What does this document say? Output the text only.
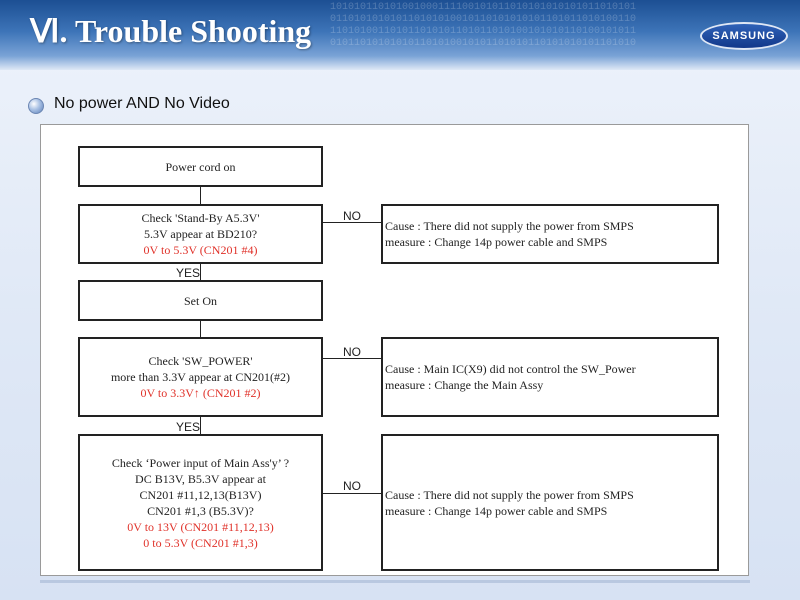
101010110101001000111100101011010101010101011010101
011010101010110101010010110101010101101011010100110
110101001101011010101101011010100101010110100101011
010110101010101101010010101101010110101010101101010
Ⅵ. Trouble Shooting	SAMSUNG
No power AND No Video
NO
YES
NO
YES
NO
Power cord on
Check 'Stand-By A5.3V'
5.3V appear at BD210?
0V to 5.3V (CN201 #4)
Set On
Check 'SW_POWER'
more than 3.3V appear at CN201(#2)
0V to 3.3V↑ (CN201 #2)
Check ‘Power input of Main Ass'y’ ?
DC B13V, B5.3V appear at
CN201 #11,12,13(B13V)
CN201 #1,3 (B5.3V)?
0V to 13V (CN201 #11,12,13)
0 to 5.3V (CN201 #1,3)
Cause : There did not supply the power from SMPS
measure : Change 14p power cable and SMPS
Cause : Main IC(X9) did not control the SW_Power
measure : Change the Main Assy
Cause : There did not supply the power from SMPS
measure : Change 14p power cable and SMPS
